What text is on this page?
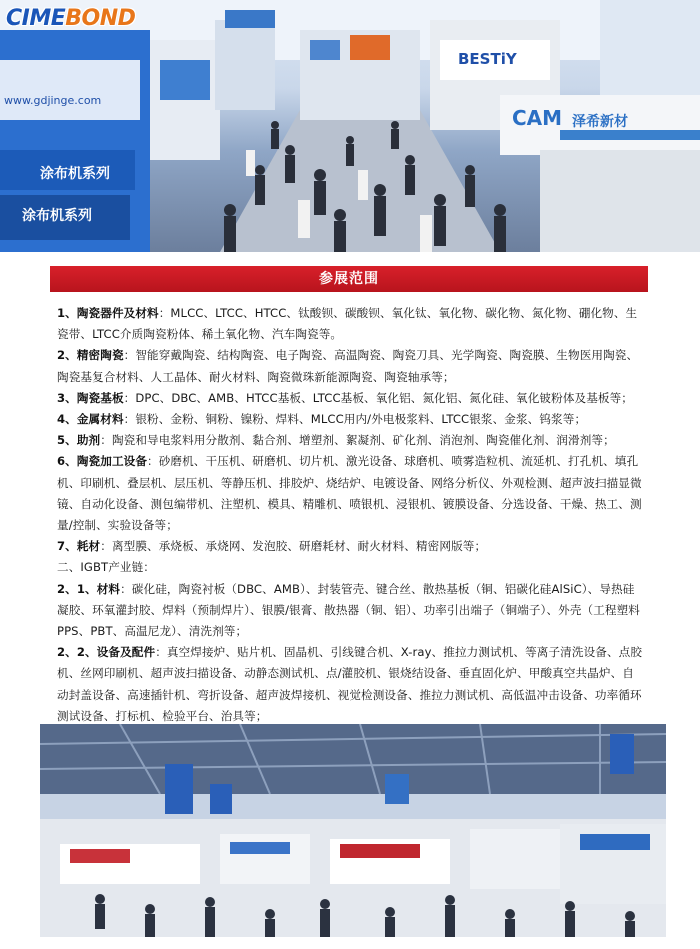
CIMEBOND
BESTiY
CAM 泽希新材
涂布机系列
涂布机系列
www.gdjinge.com
参展范围

1、陶瓷器件及材料：MLCC、LTCC、HTCC、钛酸钡、碳酸钡、氧化钛、氧化物、碳化物、氮化物、硼化物、生瓷带、LTCC介质陶瓷粉体、稀土氧化物、汽车陶瓷等。

2、精密陶瓷：智能穿戴陶瓷、结构陶瓷、电子陶瓷、高温陶瓷、陶瓷刀具、光学陶瓷、陶瓷膜、生物医用陶瓷、陶瓷基复合材料、人工晶体、耐火材料、陶瓷微珠新能源陶瓷、陶瓷轴承等；

3、陶瓷基板：DPC、DBC、AMB、HTCC基板、LTCC基板、氧化铝、氮化铝、氮化硅、氧化铍粉体及基板等；

4、金属材料：银粉、金粉、铜粉、镍粉、焊料、MLCC用内/外电极浆料、LTCC银浆、金浆、钨浆等；

5、助剂：陶瓷和导电浆料用分散剂、黏合剂、增塑剂、絮凝剂、矿化剂、消泡剂、陶瓷催化剂、润滑剂等；

6、陶瓷加工设备：砂磨机、干压机、研磨机、切片机、激光设备、球磨机、喷雾造粒机、流延机、打孔机、填孔机、印刷机、叠层机、层压机、等静压机、排胶炉、烧结炉、电镀设备、网络分析仪、外观检测、超声波扫描显微镜、自动化设备、测包编带机、注塑机、模具、精雕机、喷银机、浸银机、镀膜设备、分选设备、干燥、热工、测量/控制、实验设备等；

7、耗材：离型膜、承烧板、承烧网、发泡胶、研磨耗材、耐火材料、精密网版等；

二、IGBT产业链：

2、1、材料：碳化硅，陶瓷衬板（DBC、AMB）、封装管壳、键合丝、散热基板（铜、铝碳化硅AlSiC）、导热硅凝胶、环氧灌封胶、焊料（预制焊片）、银膜/银膏、散热器（铜、铝）、功率引出端子（铜端子）、外壳（工程塑料PPS、PBT、高温尼龙）、清洗剂等；

2、2、设备及配件：真空焊接炉、贴片机、固晶机、引线键合机、X-ray、推拉力测试机、等离子清洗设备、点胶机、丝网印刷机、超声波扫描设备、动静态测试机、点/灌胶机、银烧结设备、垂直固化炉、甲酸真空共晶炉、自动封盖设备、高速插针机、弯折设备、超声波焊接机、视觉检测设备、推拉力测试机、高低温冲击设备、功率循环测试设备、打标机、检验平台、治具等；
